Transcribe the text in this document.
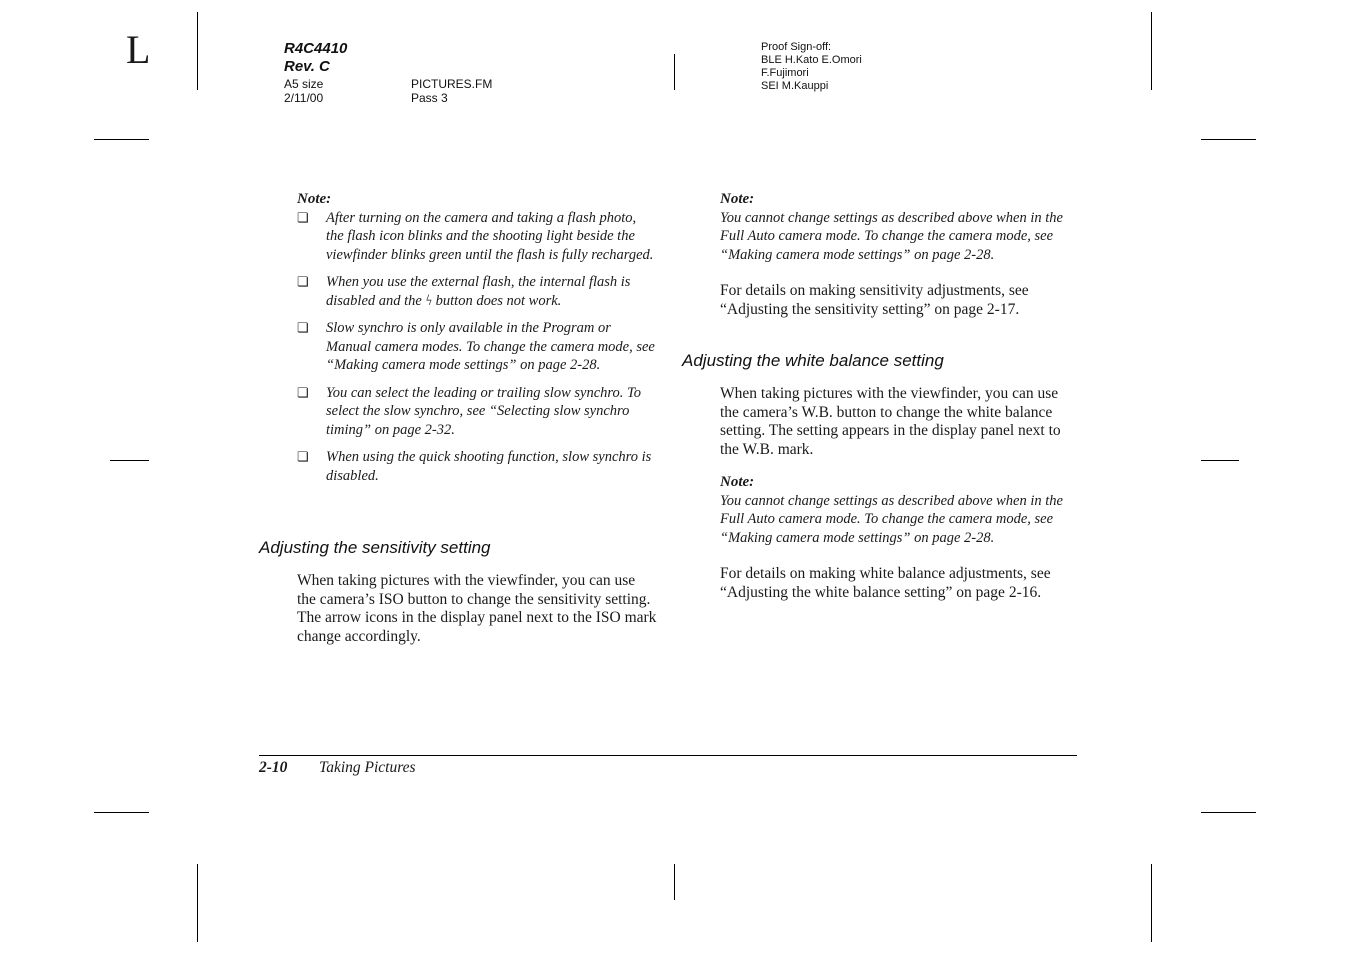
L	R4C4410
Rev. C
A5 size
2/11/00
PICTURES.FM
Pass 3
Proof Sign-off:
BLE H.Kato E.Omori
F.Fujimori
SEI M.Kauppi
Note:
❏ After turning on the camera and taking a flash photo, the flash icon blinks and the shooting light beside the viewfinder blinks green until the flash is fully recharged.
❏ When you use the external flash, the internal flash is disabled and the ϟ button does not work.
❏ Slow synchro is only available in the Program or Manual camera modes. To change the camera mode, see “Making camera mode settings” on page 2-28.
❏ You can select the leading or trailing slow synchro. To select the slow synchro, see “Selecting slow synchro timing” on page 2-32.
❏ When using the quick shooting function, slow synchro is disabled.
Adjusting the sensitivity setting

When taking pictures with the viewfinder, you can use the camera’s ISO button to change the sensitivity setting. The arrow icons in the display panel next to the ISO mark change accordingly.

Note:

You cannot change settings as described above when in the Full Auto camera mode. To change the camera mode, see “Making camera mode settings” on page 2-28.

For details on making sensitivity adjustments, see “Adjusting the sensitivity setting” on page 2-17.

Adjusting the white balance setting

When taking pictures with the viewfinder, you can use the camera’s W.B. button to change the white balance setting. The setting appears in the display panel next to the W.B. mark.

Note:

You cannot change settings as described above when in the Full Auto camera mode. To change the camera mode, see “Making camera mode settings” on page 2-28.

For details on making white balance adjustments, see “Adjusting the white balance setting” on page 2-16.

2-10 Taking Pictures
